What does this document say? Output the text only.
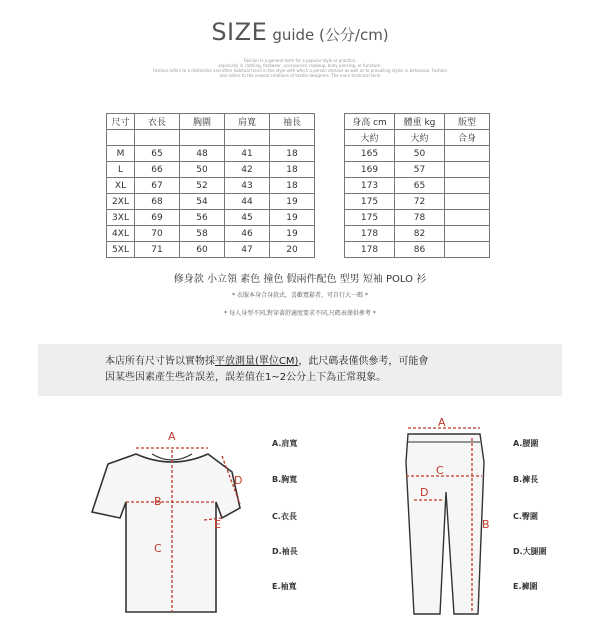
SIZE guide (公分/cm)
Fashion is a general term for a popular style or practice,
especially in clothing, footwear, accessories, makeup, body piercing, or furniture.
Fashion refers to a distinctive and often habitual trend in the style with which a person dresses as well as to prevailing styles in behaviour. Fashion
also refers to the newest creations of textile designers. The more technical term
尺寸	衣長	胸圍	肩寬	袖長		身高 cm	體重 kg	版型
						大約	大約	合身
M	65	48	41	18		165	50	
L	66	50	42	18		169	57	
XL	67	52	43	18		173	65	
2XL	68	54	44	19		175	72	
3XL	69	56	45	19		175	78	
4XL	70	58	46	19		178	82	
5XL	71	60	47	20		178	86	
修身款 小立領 素色 撞色 假兩件配色 型男 短袖 POLO 衫
* 衣服本身合身款式，喜歡寬鬆者，可自行大一碼 *
* 每人身型不同,對穿著舒適度要求不同,尺碼表僅供參考 *
本店所有尺寸皆以實物採平放測量(單位CM)，此尺碼表僅供參考，可能會
因某些因素產生些許誤差，誤差值在1~2公分上下為正常現象。
A
B
C
D
E
A.肩寬
B.胸寬
C.衣長
D.袖長
E.袖寬
A
B
C
D
A.腰圍
B.褲長
C.臀圍
D.大腿圍
E.褲圍
